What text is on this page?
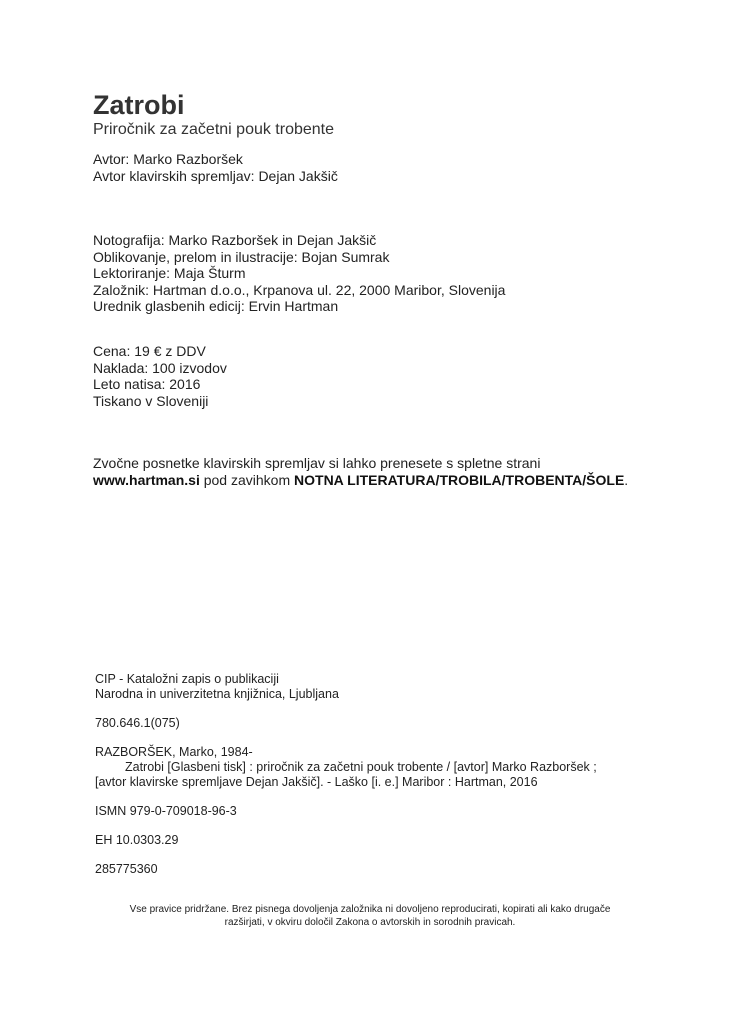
Zatrobi
Priročnik za začetni pouk trobente
Avtor: Marko Razboršek
Avtor klavirskih spremljav: Dejan Jakšič
Notografija: Marko Razboršek in Dejan Jakšič
Oblikovanje, prelom in ilustracije: Bojan Sumrak
Lektoriranje: Maja Šturm
Založnik: Hartman d.o.o., Krpanova ul. 22, 2000 Maribor, Slovenija
Urednik glasbenih edicij: Ervin Hartman
Cena: 19 € z DDV
Naklada: 100 izvodov
Leto natisa: 2016
Tiskano v Sloveniji
Zvočne posnetke klavirskih spremljav si lahko prenesete s spletne strani
www.hartman.si pod zavihkom NOTNA LITERATURA/TROBILA/TROBENTA/ŠOLE.
CIP - Kataložni zapis o publikaciji
Narodna in univerzitetna knjižnica, Ljubljana
780.646.1(075)
RAZBORŠEK, Marko, 1984-
Zatrobi [Glasbeni tisk] : priročnik za začetni pouk trobente / [avtor] Marko Razboršek ;
[avtor klavirske spremljave Dejan Jakšič]. - Laško [i. e.] Maribor : Hartman, 2016
ISMN 979-0-709018-96-3
EH 10.0303.29
285775360
Vse pravice pridržane. Brez pisnega dovoljenja založnika ni dovoljeno reproducirati, kopirati ali kako drugače
razširjati, v okviru določil Zakona o avtorskih in sorodnih pravicah.
